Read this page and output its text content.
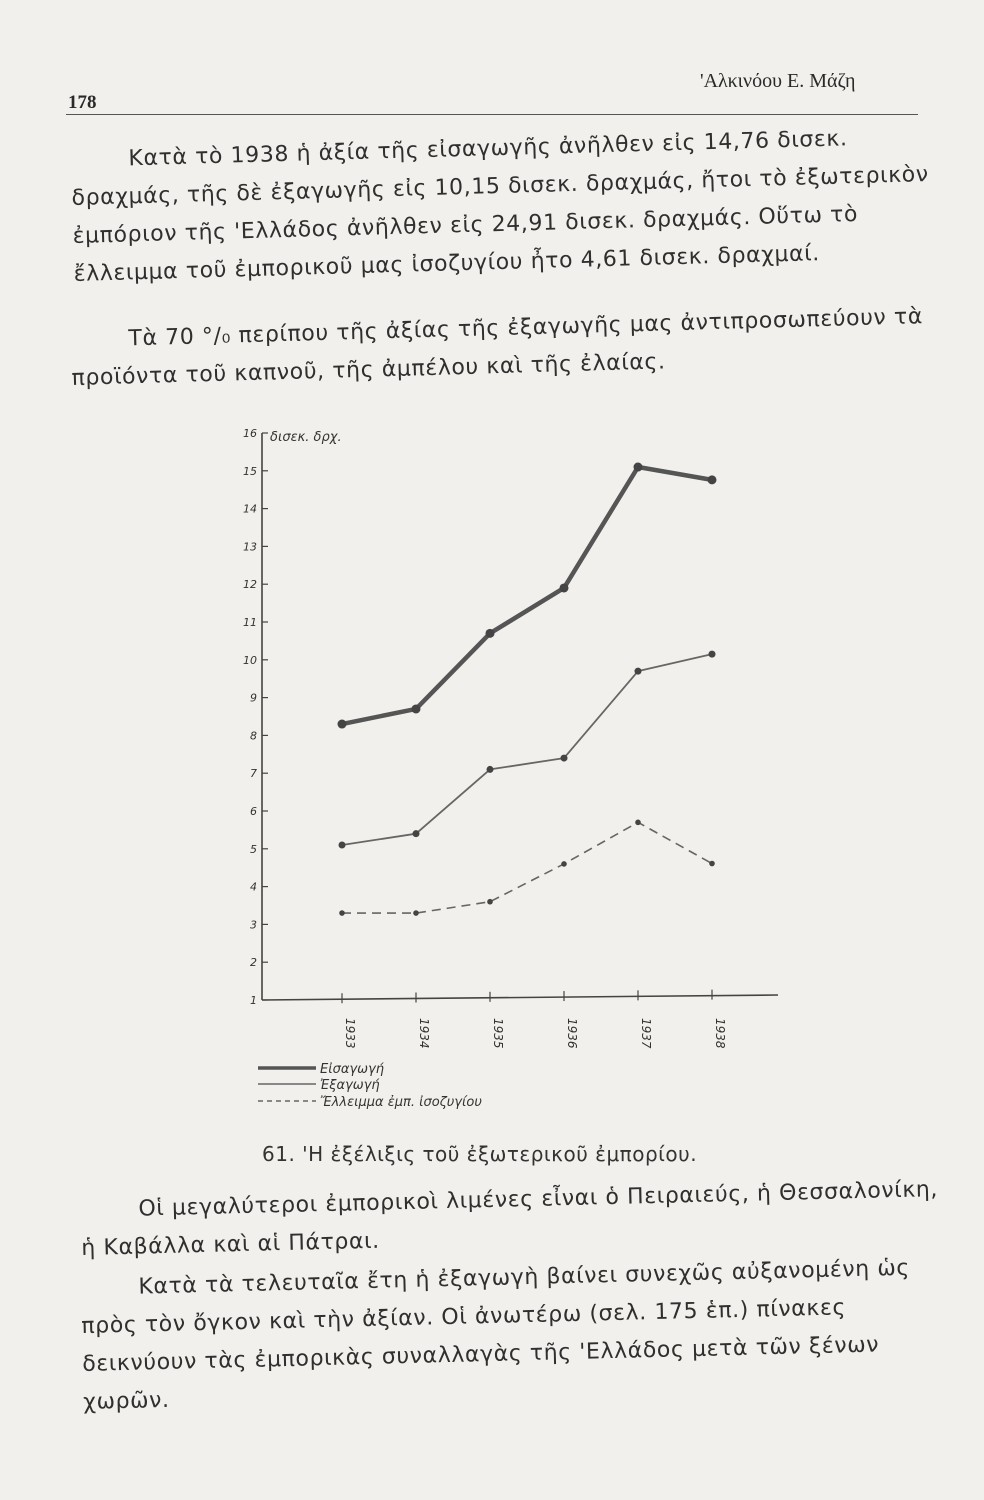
178
'Αλκινόου Ε. Μάζη

Κατὰ τὸ 1938 ἡ ἀξία τῆς εἰσαγωγῆς ἀνῆλθεν εἰς 14,76 δισεκ. δραχμάς, τῆς δὲ ἐξαγωγῆς εἰς 10,15 δισεκ. δραχμάς, ἤτοι τὸ ἐξωτερικὸν ἐμπόριον τῆς 'Ελλάδος ἀνῆλθεν εἰς 24,91 δισεκ. δραχμάς. Οὕτω τὸ ἔλλειμμα τοῦ ἐμπορικοῦ μας ἰσοζυγίου ἦτο 4,61 δισεκ. δραχμαί.

Τὰ 70 °/₀ περίπου τῆς ἀξίας τῆς ἐξαγωγῆς μας ἀντιπροσωπεύουν τὰ προϊόντα τοῦ καπνοῦ, τῆς ἀμπέλου καὶ τῆς ἐλαίας.

1
2
3
4
5
6
7
8
9
10
11
12
13
14
15
16 δισεκ. δρχ.
1933	1934	1935	1936	1937	1938
Εἰσαγωγή
Ἐξαγωγή
Ἔλλειμμα ἐμπ. ἰσοζυγίου
61. 'Η ἐξέλιξις τοῦ ἐξωτερικοῦ ἐμπορίου.

Οἱ μεγαλύτεροι ἐμπορικοὶ λιμένες εἶναι ὁ Πειραιεύς, ἡ Θεσσαλονίκη, ἡ Καβάλλα καὶ αἱ Πάτραι.

Κατὰ τὰ τελευταῖα ἔτη ἡ ἐξαγωγὴ βαίνει συνεχῶς αὐξανομένη ὡς πρὸς τὸν ὄγκον καὶ τὴν ἀξίαν. Οἱ ἀνωτέρω (σελ. 175 ἑπ.) πίνακες δεικνύουν τὰς ἐμπορικὰς συναλλαγὰς τῆς 'Ελλάδος μετὰ τῶν ξένων χωρῶν.
